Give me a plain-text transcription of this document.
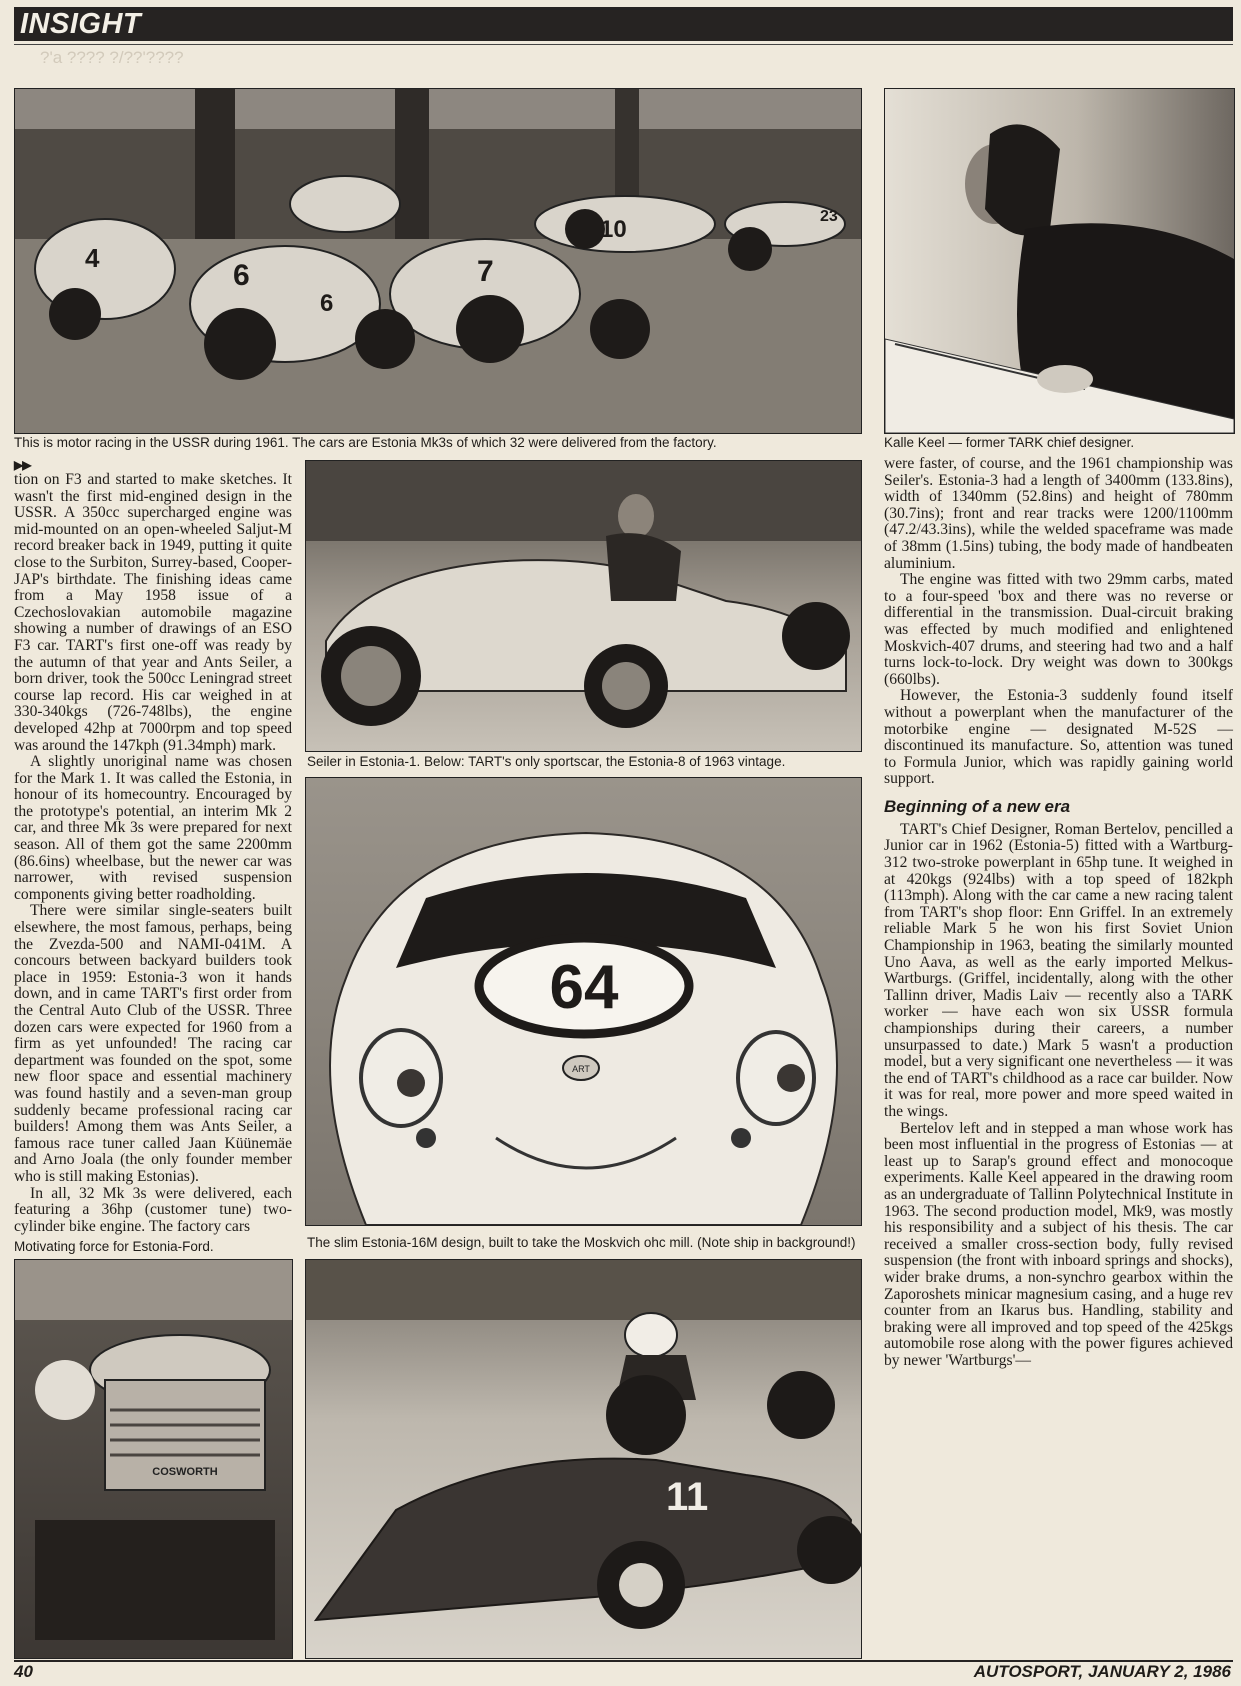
INSIGHT
?'a ???? ?/??'????
4
6
6
7
10	23
This is motor racing in the USSR during 1961. The cars are Estonia Mk3s of which 32 were delivered from the factory.	Kalle Keel — former TARK chief designer.
▶▶

tion on F3 and started to make sketches. It wasn't the first mid-engined design in the USSR. A 350cc supercharged engine was mid-mounted on an open-wheeled Saljut-M record breaker back in 1949, putting it quite close to the Surbiton, Surrey-based, Cooper-JAP's birthdate. The finishing ideas came from a May 1958 issue of a Czechoslovakian automobile magazine showing a number of drawings of an ESO F3 car. TART's first one-off was ready by the autumn of that year and Ants Seiler, a born driver, took the 500cc Leningrad street course lap record. His car weighed in at 330-340kgs (726-748lbs), the engine developed 42hp at 7000rpm and top speed was around the 147kph (91.34mph) mark.

A slightly unoriginal name was chosen for the Mark 1. It was called the Estonia, in honour of its homecountry. Encouraged by the prototype's potential, an interim Mk 2 car, and three Mk 3s were prepared for next season. All of them got the same 2200mm (86.6ins) wheelbase, but the newer car was narrower, with revised suspension components giving better roadholding.

There were similar single-seaters built elsewhere, the most famous, perhaps, being the Zvezda-500 and NAMI-041M. A concours between backyard builders took place in 1959: Estonia-3 won it hands down, and in came TART's first order from the Central Auto Club of the USSR. Three dozen cars were expected for 1960 from a firm as yet unfounded! The racing car department was founded on the spot, some new floor space and essential machinery was found hastily and a seven-man group suddenly became professional racing car builders! Among them was Ants Seiler, a famous race tuner called Jaan Küünemäe and Arno Joala (the only founder member who is still making Estonias).

In all, 32 Mk 3s were delivered, each featuring a 36hp (customer tune) two-cylinder bike engine. The factory cars

Seiler in Estonia-1. Below: TART's only sportscar, the Estonia-8 of 1963 vintage.
64
ART
The slim Estonia-16M design, built to take the Moskvich ohc mill. (Note ship in background!)
11
Motivating force for Estonia-Ford.
COSWORTH

were faster, of course, and the 1961 championship was Seiler's. Estonia-3 had a length of 3400mm (133.8ins), width of 1340mm (52.8ins) and height of 780mm (30.7ins); front and rear tracks were 1200/1100mm (47.2/43.3ins), while the welded spaceframe was made of 38mm (1.5ins) tubing, the body made of handbeaten aluminium.

The engine was fitted with two 29mm carbs, mated to a four-speed 'box and there was no reverse or differential in the transmission. Dual-circuit braking was effected by much modified and enlightened Moskvich-407 drums, and steering had two and a half turns lock-to-lock. Dry weight was down to 300kgs (660lbs).

However, the Estonia-3 suddenly found itself without a powerplant when the manufacturer of the motorbike engine — designated M-52S — discontinued its manufacture. So, attention was tuned to Formula Junior, which was rapidly gaining world support.

Beginning of a new era

TART's Chief Designer, Roman Bertelov, pencilled a Junior car in 1962 (Estonia-5) fitted with a Wartburg-312 two-stroke powerplant in 65hp tune. It weighed in at 420kgs (924lbs) with a top speed of 182kph (113mph). Along with the car came a new racing talent from TART's shop floor: Enn Griffel. In an extremely reliable Mark 5 he won his first Soviet Union Championship in 1963, beating the similarly mounted Uno Aava, as well as the early imported Melkus-Wartburgs. (Griffel, incidentally, along with the other Tallinn driver, Madis Laiv — recently also a TARK worker — have each won six USSR formula championships during their careers, a number unsurpassed to date.) Mark 5 wasn't a production model, but a very significant one nevertheless — it was the end of TART's childhood as a race car builder. Now it was for real, more power and more speed waited in the wings.

Bertelov left and in stepped a man whose work has been most influential in the progress of Estonias — at least up to Sarap's ground effect and monocoque experiments. Kalle Keel appeared in the drawing room as an undergraduate of Tallinn Polytechnical Institute in 1963. The second production model, Mk9, was mostly his responsibility and a subject of his thesis. The car received a smaller cross-section body, fully revised suspension (the front with inboard springs and shocks), wider brake drums, a non-synchro gearbox within the Zaporoshets minicar magnesium casing, and a huge rev counter from an Ikarus bus. Handling, stability and braking were all improved and top speed of the 425kgs automobile rose along with the power figures achieved by newer 'Wartburgs'—

40	AUTOSPORT, JANUARY 2, 1986
